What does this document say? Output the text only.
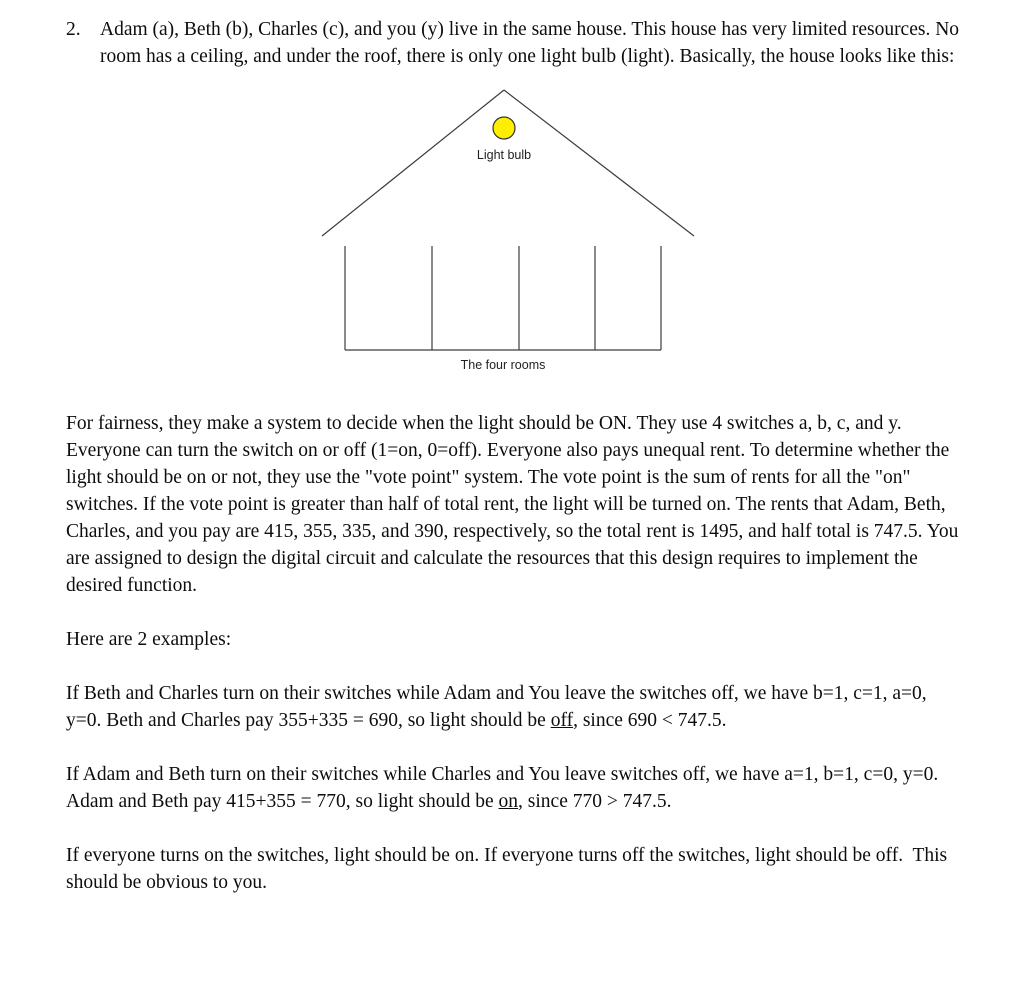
2. Adam (a), Beth (b), Charles (c), and you (y) live in the same house. This house has very limited resources. No room has a ceiling, and under the roof, there is only one light bulb (light). Basically, the house looks like this:
Light bulb
The four rooms

For fairness, they make a system to decide when the light should be ON. They use 4 switches a, b, c, and y. Everyone can turn the switch on or off (1=on, 0=off). Everyone also pays unequal rent. To determine whether the light should be on or not, they use the "vote point" system. The vote point is the sum of rents for all the "on" switches. If the vote point is greater than half of total rent, the light will be turned on. The rents that Adam, Beth, Charles, and you pay are 415, 355, 335, and 390, respectively, so the total rent is 1495, and half total is 747.5. You are assigned to design the digital circuit and calculate the resources that this design requires to implement the desired function.

Here are 2 examples:

If Beth and Charles turn on their switches while Adam and You leave the switches off, we have b=1, c=1, a=0, y=0. Beth and Charles pay 355+335 = 690, so light should be off, since 690 < 747.5.

If Adam and Beth turn on their switches while Charles and You leave switches off, we have a=1, b=1, c=0, y=0. Adam and Beth pay 415+355 = 770, so light should be on, since 770 > 747.5.

If everyone turns on the switches, light should be on. If everyone turns off the switches, light should be off.  This should be obvious to you.
